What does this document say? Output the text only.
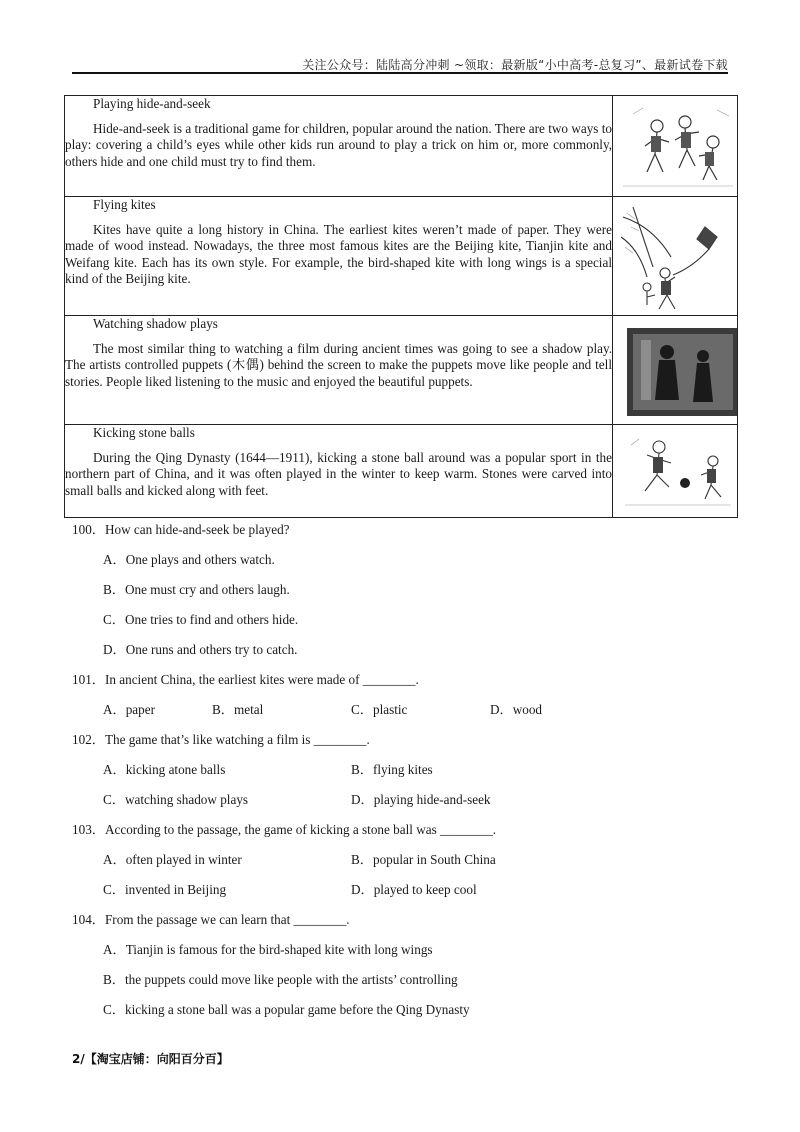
关注公众号：陆陆高分冲刺 ~领取：最新版“小中高考-总复习”、最新试卷下载
Playing hide-and-seek
Hide-and-seek is a traditional game for children, popular around the nation. There are two ways to play: covering a child’s eyes while other kids run around to play a trick on him or, more commonly, others hide and one child must try to find them.

Flying kites
Kites have quite a long history in China. The earliest kites weren’t made of paper. They were made of wood instead. Nowadays, the three most famous kites are the Beijing kite, Tianjin kite and Weifang kite. Each has its own style. For example, the bird-shaped kite with long wings is a special kind of the Beijing kite.

Watching shadow plays
The most similar thing to watching a film during ancient times was going to see a shadow play. The artists controlled puppets (木偶) behind the screen to make the puppets move like people and tell stories. People liked listening to the music and enjoyed the beautiful puppets.

Kicking stone balls
During the Qing Dynasty (1644—1911), kicking a stone ball around was a popular sport in the northern part of China, and it was often played in the winter to keep warm. Stones were carved into small balls and kicked along with feet.

100．How can hide-and-seek be played?
A．One plays and others watch.
B．One must cry and others laugh.
C．One tries to find and others hide.
D．One runs and others try to catch.
101．In ancient China, the earliest kites were made of ________.
A．paper	B．metal	C．plastic	D．wood
102．The game that’s like watching a film is ________.
A．kicking atone balls	B．flying kites
C．watching shadow plays	D．playing hide-and-seek
103．According to the passage, the game of kicking a stone ball was ________.
A．often played in winter	B．popular in South China
C．invented in Beijing	D．played to keep cool
104．From the passage we can learn that ________.
A．Tianjin is famous for the bird-shaped kite with long wings
B．the puppets could move like people with the artists’ controlling
C．kicking a stone ball was a popular game before the Qing Dynasty
2/【淘宝店铺：向阳百分百】
